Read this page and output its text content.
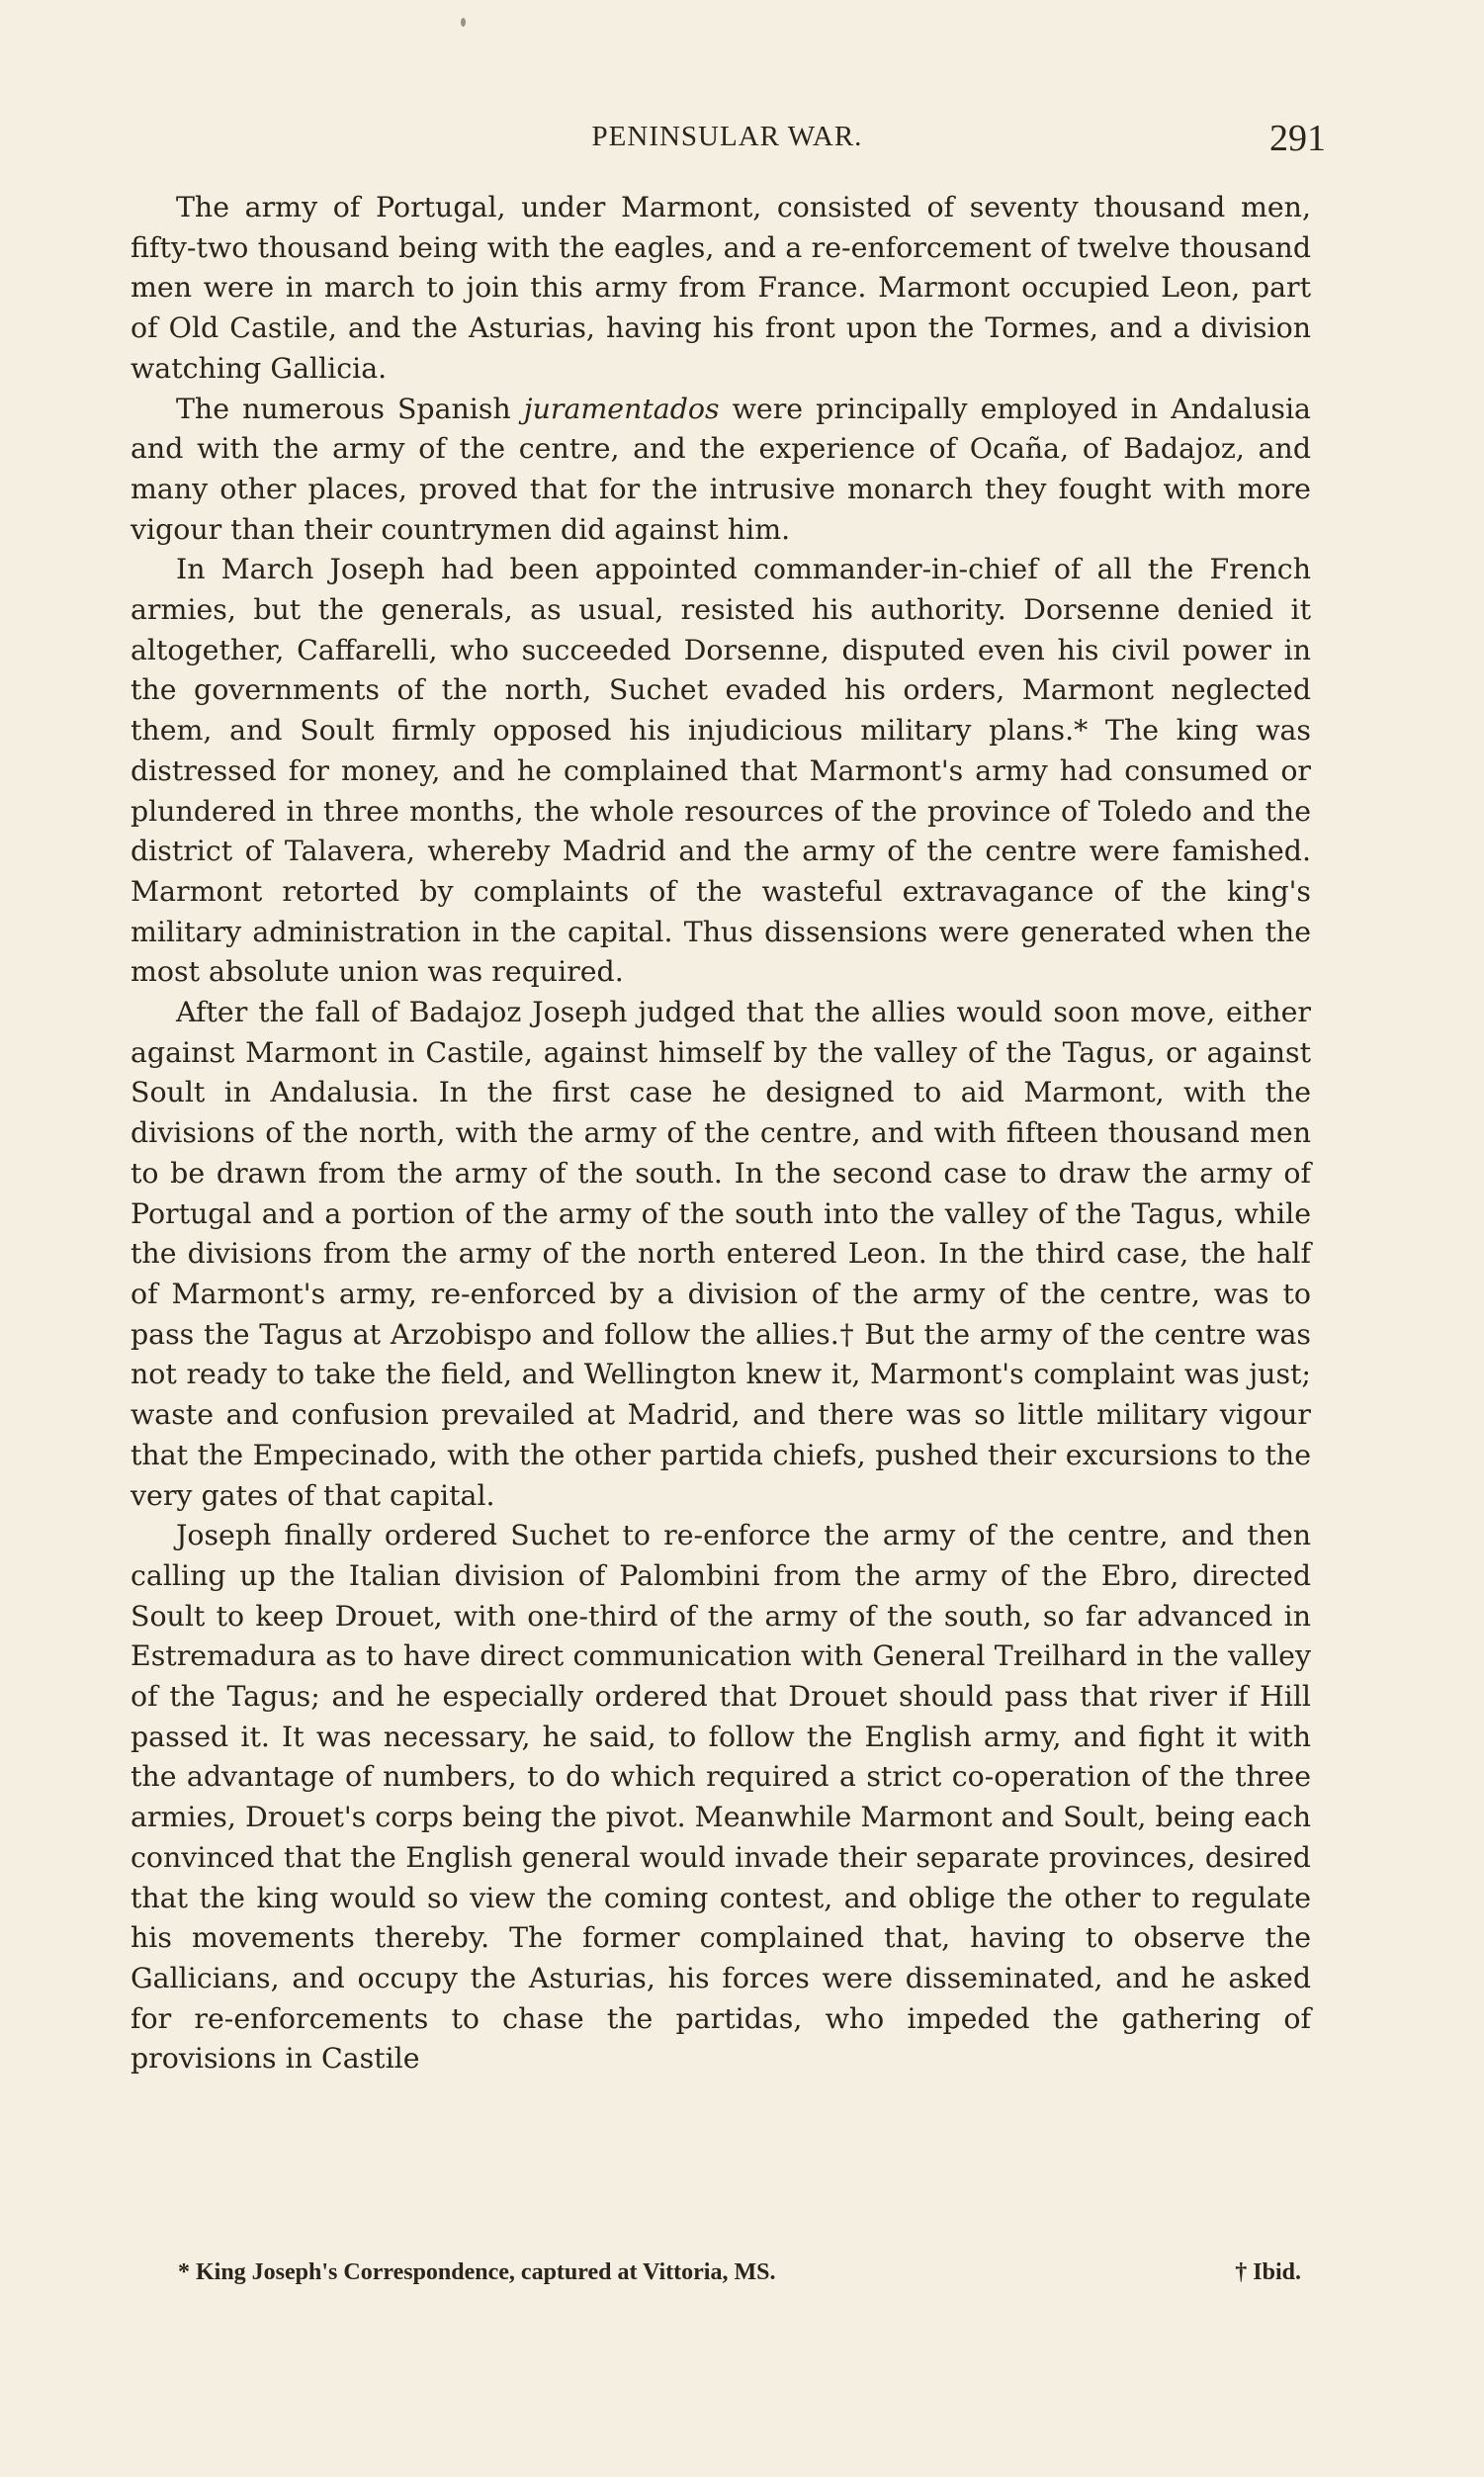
PENINSULAR WAR.	291

The army of Portugal, under Marmont, consisted of seventy thousand men, fifty-two thousand being with the eagles, and a re-enforcement of twelve thousand men were in march to join this army from France. Marmont occupied Leon, part of Old Castile, and the Asturias, having his front upon the Tormes, and a division watching Gallicia.

The numerous Spanish juramentados were principally employed in Andalusia and with the army of the centre, and the experience of Ocaña, of Badajoz, and many other places, proved that for the intrusive monarch they fought with more vigour than their countrymen did against him.

In March Joseph had been appointed commander-in-chief of all the French armies, but the generals, as usual, resisted his authority. Dorsenne denied it altogether, Caffarelli, who succeeded Dorsenne, disputed even his civil power in the governments of the north, Suchet evaded his orders, Marmont neglected them, and Soult firmly opposed his injudicious military plans.* The king was distressed for money, and he complained that Marmont's army had consumed or plundered in three months, the whole resources of the province of Toledo and the district of Talavera, whereby Madrid and the army of the centre were famished. Marmont retorted by complaints of the wasteful extravagance of the king's military administration in the capital. Thus dissensions were generated when the most absolute union was required.

After the fall of Badajoz Joseph judged that the allies would soon move, either against Marmont in Castile, against himself by the valley of the Tagus, or against Soult in Andalusia. In the first case he designed to aid Marmont, with the divisions of the north, with the army of the centre, and with fifteen thousand men to be drawn from the army of the south. In the second case to draw the army of Portugal and a portion of the army of the south into the valley of the Tagus, while the divisions from the army of the north entered Leon. In the third case, the half of Marmont's army, re-enforced by a division of the army of the centre, was to pass the Tagus at Arzobispo and follow the allies.† But the army of the centre was not ready to take the field, and Wellington knew it, Marmont's complaint was just; waste and confusion prevailed at Madrid, and there was so little military vigour that the Empecinado, with the other partida chiefs, pushed their excursions to the very gates of that capital.

Joseph finally ordered Suchet to re-enforce the army of the centre, and then calling up the Italian division of Palombini from the army of the Ebro, directed Soult to keep Drouet, with one-third of the army of the south, so far advanced in Estremadura as to have direct communication with General Treilhard in the valley of the Tagus; and he especially ordered that Drouet should pass that river if Hill passed it. It was necessary, he said, to follow the English army, and fight it with the advantage of numbers, to do which required a strict co-operation of the three armies, Drouet's corps being the pivot. Meanwhile Marmont and Soult, being each convinced that the English general would invade their separate provinces, desired that the king would so view the coming contest, and oblige the other to regulate his movements thereby. The former complained that, having to observe the Gallicians, and occupy the Asturias, his forces were disseminated, and he asked for re-enforcements to chase the partidas, who impeded the gathering of provisions in Castile

* King Joseph's Correspondence, captured at Vittoria, MS.	† Ibid.
